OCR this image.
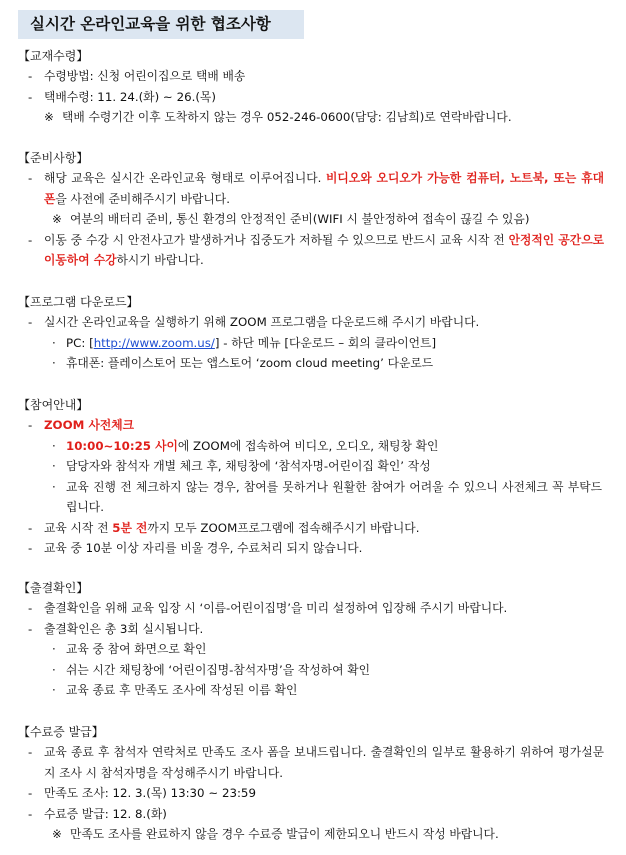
실시간 온라인교육을 위한 협조사항
【교재수령】
- 수령방법: 신청 어린이집으로 택배 배송
- 택배수령: 11. 24.(화) ~ 26.(목)
※ 택배 수령기간 이후 도착하지 않는 경우 052-246-0600(담당: 김남희)로 연락바랍니다.
【준비사항】
- 해당 교육은 실시간 온라인교육 형태로 이루어집니다. 비디오와 오디오가 가능한 컴퓨터, 노트북, 또는 휴대폰을 사전에 준비해주시기 바랍니다.
※ 여분의 배터리 준비, 통신 환경의 안정적인 준비(WIFI 시 불안정하여 접속이 끊길 수 있음)
- 이동 중 수강 시 안전사고가 발생하거나 집중도가 저하될 수 있으므로 반드시 교육 시작 전 안정적인 공간으로 이동하여 수강하시기 바랍니다.
【프로그램 다운로드】
- 실시간 온라인교육을 실행하기 위해 ZOOM 프로그램을 다운로드해 주시기 바랍니다.
· PC: [http://www.zoom.us/] - 하단 메뉴 [다운로드 – 회의 클라이언트]
· 휴대폰: 플레이스토어 또는 앱스토어 ‘zoom cloud meeting’ 다운로드
【참여안내】
- ZOOM 사전체크
· 10:00~10:25 사이에 ZOOM에 접속하여 비디오, 오디오, 채팅창 확인
· 담당자와 참석자 개별 체크 후, 채팅창에 ‘참석자명-어린이집 확인’ 작성
· 교육 진행 전 체크하지 않는 경우, 참여를 못하거나 원활한 참여가 어려울 수 있으니 사전체크 꼭 부탁드립니다.
- 교육 시작 전 5분 전까지 모두 ZOOM프로그램에 접속해주시기 바랍니다.
- 교육 중 10분 이상 자리를 비울 경우, 수료처리 되지 않습니다.
【출결확인】
- 출결확인을 위해 교육 입장 시 ‘이름-어린이집명’을 미리 설정하여 입장해 주시기 바랍니다.
- 출결확인은 총 3회 실시됩니다.
· 교육 중 참여 화면으로 확인
· 쉬는 시간 채팅창에 ‘어린이집명-참석자명’을 작성하여 확인
· 교육 종료 후 만족도 조사에 작성된 이름 확인
【수료증 발급】
- 교육 종료 후 참석자 연락처로 만족도 조사 폼을 보내드립니다. 출결확인의 일부로 활용하기 위하여 평가설문지 조사 시 참석자명을 작성해주시기 바랍니다.
- 만족도 조사: 12. 3.(목) 13:30 ~ 23:59
- 수료증 발급: 12. 8.(화)
※ 만족도 조사를 완료하지 않을 경우 수료증 발급이 제한되오니 반드시 작성 바랍니다.
